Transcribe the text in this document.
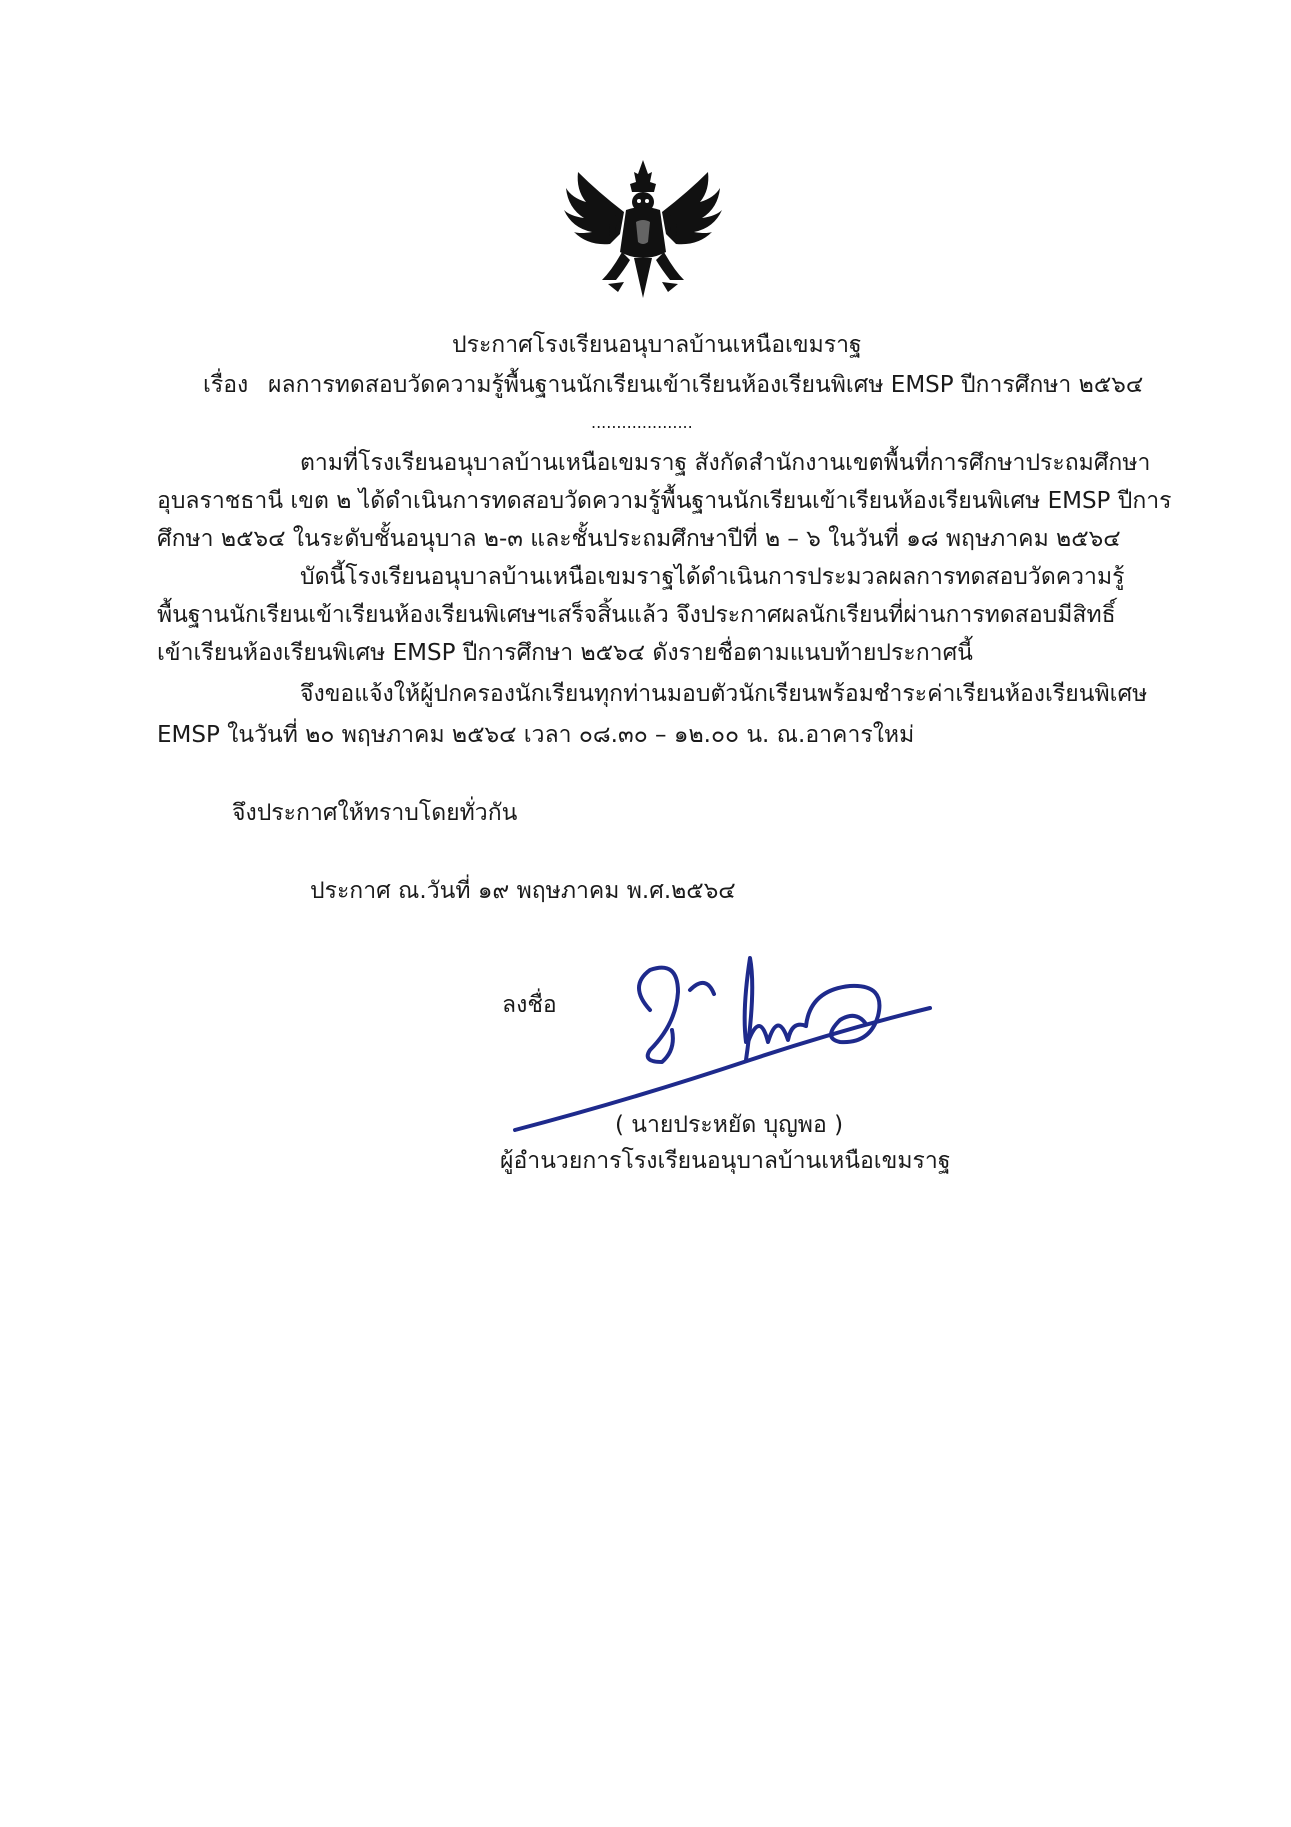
ประกาศโรงเรียนอนุบาลบ้านเหนือเขมราฐ
เรื่อง ผลการทดสอบวัดความรู้พื้นฐานนักเรียนเข้าเรียนห้องเรียนพิเศษ EMSP ปีการศึกษา ๒๕๖๔
....................
ตามที่โรงเรียนอนุบาลบ้านเหนือเขมราฐ สังกัดสำนักงานเขตพื้นที่การศึกษาประถมศึกษา
อุบลราชธานี เขต ๒ ได้ดำเนินการทดสอบวัดความรู้พื้นฐานนักเรียนเข้าเรียนห้องเรียนพิเศษ EMSP ปีการ
ศึกษา ๒๕๖๔ ในระดับชั้นอนุบาล ๒-๓ และชั้นประถมศึกษาปีที่ ๒ – ๖ ในวันที่ ๑๘ พฤษภาคม ๒๕๖๔
บัดนี้โรงเรียนอนุบาลบ้านเหนือเขมราฐได้ดำเนินการประมวลผลการทดสอบวัดความรู้
พื้นฐานนักเรียนเข้าเรียนห้องเรียนพิเศษฯเสร็จสิ้นแล้ว จึงประกาศผลนักเรียนที่ผ่านการทดสอบมีสิทธิ์
เข้าเรียนห้องเรียนพิเศษ EMSP ปีการศึกษา ๒๕๖๔ ดังรายชื่อตามแนบท้ายประกาศนี้
จึงขอแจ้งให้ผู้ปกครองนักเรียนทุกท่านมอบตัวนักเรียนพร้อมชำระค่าเรียนห้องเรียนพิเศษ
EMSP ในวันที่ ๒๐ พฤษภาคม ๒๕๖๔ เวลา ๐๘.๓๐ – ๑๒.๐๐ น. ณ.อาคารใหม่
จึงประกาศให้ทราบโดยทั่วกัน
ประกาศ ณ.วันที่ ๑๙ พฤษภาคม พ.ศ.๒๕๖๔
ลงชื่อ
( นายประหยัด บุญพอ )
ผู้อำนวยการโรงเรียนอนุบาลบ้านเหนือเขมราฐ
